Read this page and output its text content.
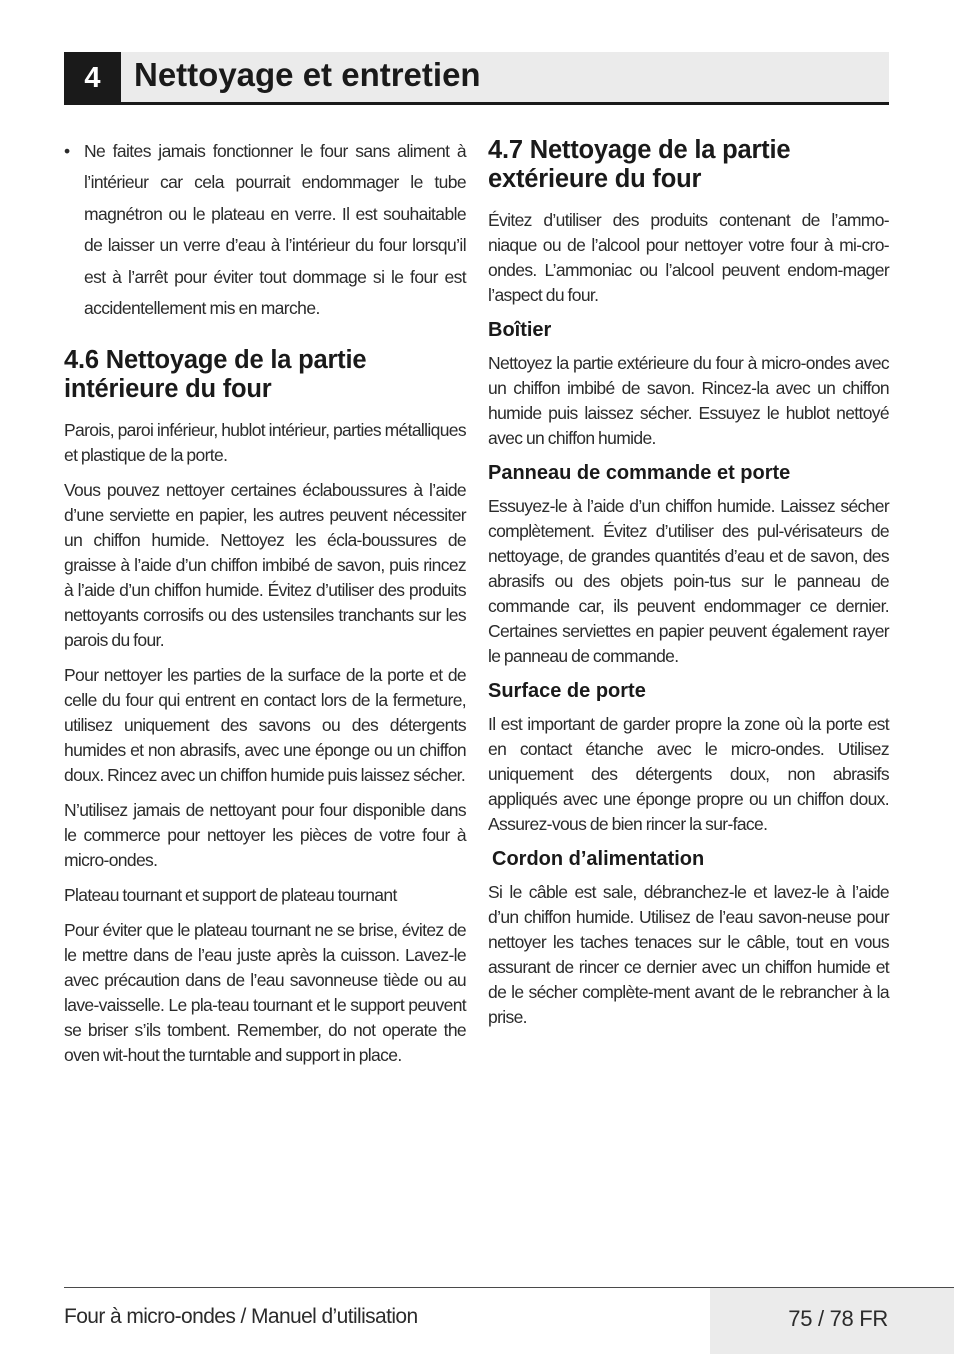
4	Nettoyage et entretien
• Ne faites jamais fonctionner le four sans aliment à l’intérieur car cela pourrait endommager le tube magnétron ou le plateau en verre. Il est souhaitable de laisser un verre d’eau à l’intérieur du four lorsqu’il est à l’arrêt pour éviter tout dommage si le four est accidentellement mis en marche.
4.6 Nettoyage de la partie intérieure du four

Parois, paroi inférieur, hublot intérieur, parties métalliques et plastique de la porte.

Vous pouvez nettoyer certaines éclaboussures à l’aide d’une serviette en papier, les autres peuvent nécessiter un chiffon humide. Nettoyez les écla-boussures de graisse à l’aide d’un chiffon imbibé de savon, puis rincez à l’aide d’un chiffon humide. Évitez d’utiliser des produits nettoyants corrosifs ou des ustensiles tranchants sur les parois du four.

Pour nettoyer les parties de la surface de la porte et de celle du four qui entrent en contact lors de la fermeture, utilisez uniquement des savons ou des détergents humides et non abrasifs, avec une éponge ou un chiffon doux. Rincez avec un chiffon humide puis laissez sécher.

N’utilisez jamais de nettoyant pour four disponible dans le commerce pour nettoyer les pièces de votre four à micro-ondes.

Plateau tournant et support de plateau tournant

Pour éviter que le plateau tournant ne se brise, évitez de le mettre dans de l’eau juste après la cuisson. Lavez-le avec précaution dans de l’eau savonneuse tiède ou au lave-vaisselle. Le pla-teau tournant et le support peuvent se briser s’ils tombent. Remember, do not operate the oven wit-hout the turntable and support in place.

4.7 Nettoyage de la partie extérieure du four

Évitez d’utiliser des produits contenant de l’ammo-niaque ou de l’alcool pour nettoyer votre four à mi-cro-ondes. L’ammoniac ou l’alcool peuvent endom-mager l’aspect du four.

Boîtier

Nettoyez la partie extérieure du four à micro-ondes avec un chiffon imbibé de savon. Rincez-la avec un chiffon humide puis laissez sécher. Essuyez le hublot nettoyé avec un chiffon humide.

Panneau de commande et porte

Essuyez-le à l’aide d’un chiffon humide. Laissez sécher complètement. Évitez d’utiliser des pul-vérisateurs de nettoyage, de grandes quantités d’eau et de savon, des abrasifs ou des objets poin-tus sur le panneau de commande car, ils peuvent endommager ce dernier. Certaines serviettes en papier peuvent également rayer le panneau de commande.

Surface de porte

Il est important de garder propre la zone où la porte est en contact étanche avec le micro-ondes. Utilisez uniquement des détergents doux, non abrasifs appliqués avec une éponge propre ou un chiffon doux. Assurez-vous de bien rincer la sur-face.

Cordon d’alimentation

Si le câble est sale, débranchez-le et lavez-le à l’aide d’un chiffon humide. Utilisez de l’eau savon-neuse pour nettoyer les taches tenaces sur le câble, tout en vous assurant de rincer ce dernier avec un chiffon humide et de le sécher complète-ment avant de le rebrancher à la prise.

Four à micro-ondes / Manuel d’utilisation	75 / 78 FR
